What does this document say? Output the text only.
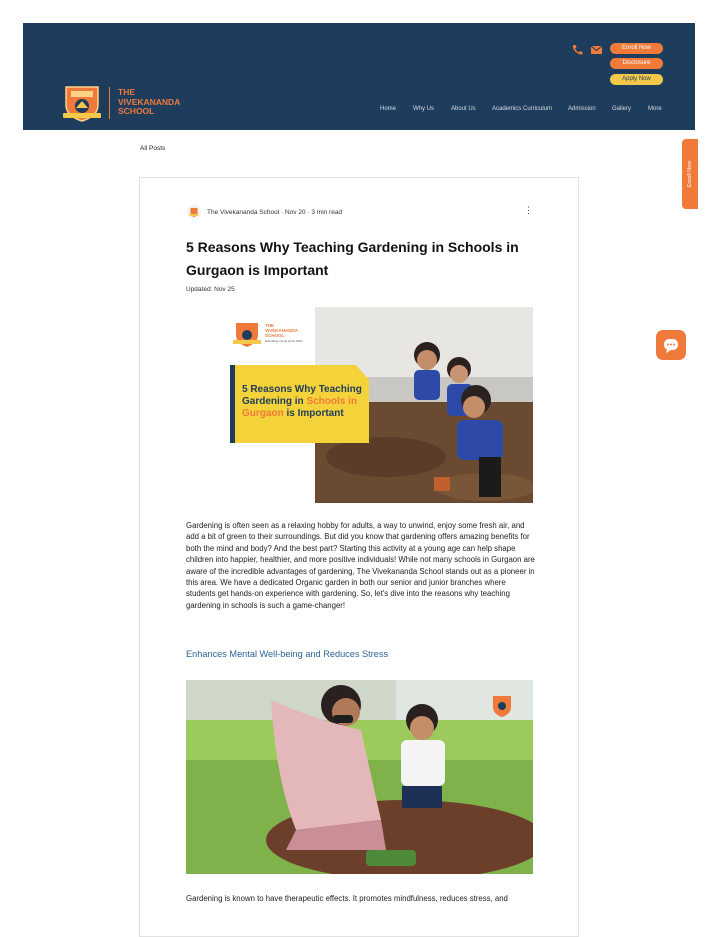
THE
VIVEKANANDA
SCHOOL
Enroll Now
Disclosure
Apply Now
Home	Why Us	About Us	Academics Curriculum	Admission	Gallery	More
All Posts
The Vivekananda School · Nov 20 · 3 min read	⋮
5 Reasons Why Teaching Gardening in Schools in Gurgaon is Important
Updated: Nov 25
THE
VIVEKANANDA
SCHOOL
Educating minds since 1994
5 Reasons Why Teaching
Gardening in Schools in
Gurgaon is Important

Gardening is often seen as a relaxing hobby for adults, a way to unwind, enjoy some fresh air, and add a bit of green to their surroundings. But did you know that gardening offers amazing benefits for both the mind and body? And the best part? Starting this activity at a young age can help shape children into happier, healthier, and more positive individuals! While not many schools in Gurgaon are aware of the incredible advantages of gardening, The Vivekananda School stands out as a pioneer in this area. We have a dedicated Organic garden in both our senior and junior branches where students get hands-on experience with gardening. So, let's dive into the reasons why teaching gardening in schools is such a game-changer!

Enhances Mental Well-being and Reduces Stress

Gardening is known to have therapeutic effects. It promotes mindfulness, reduces stress, and

Enroll Now
